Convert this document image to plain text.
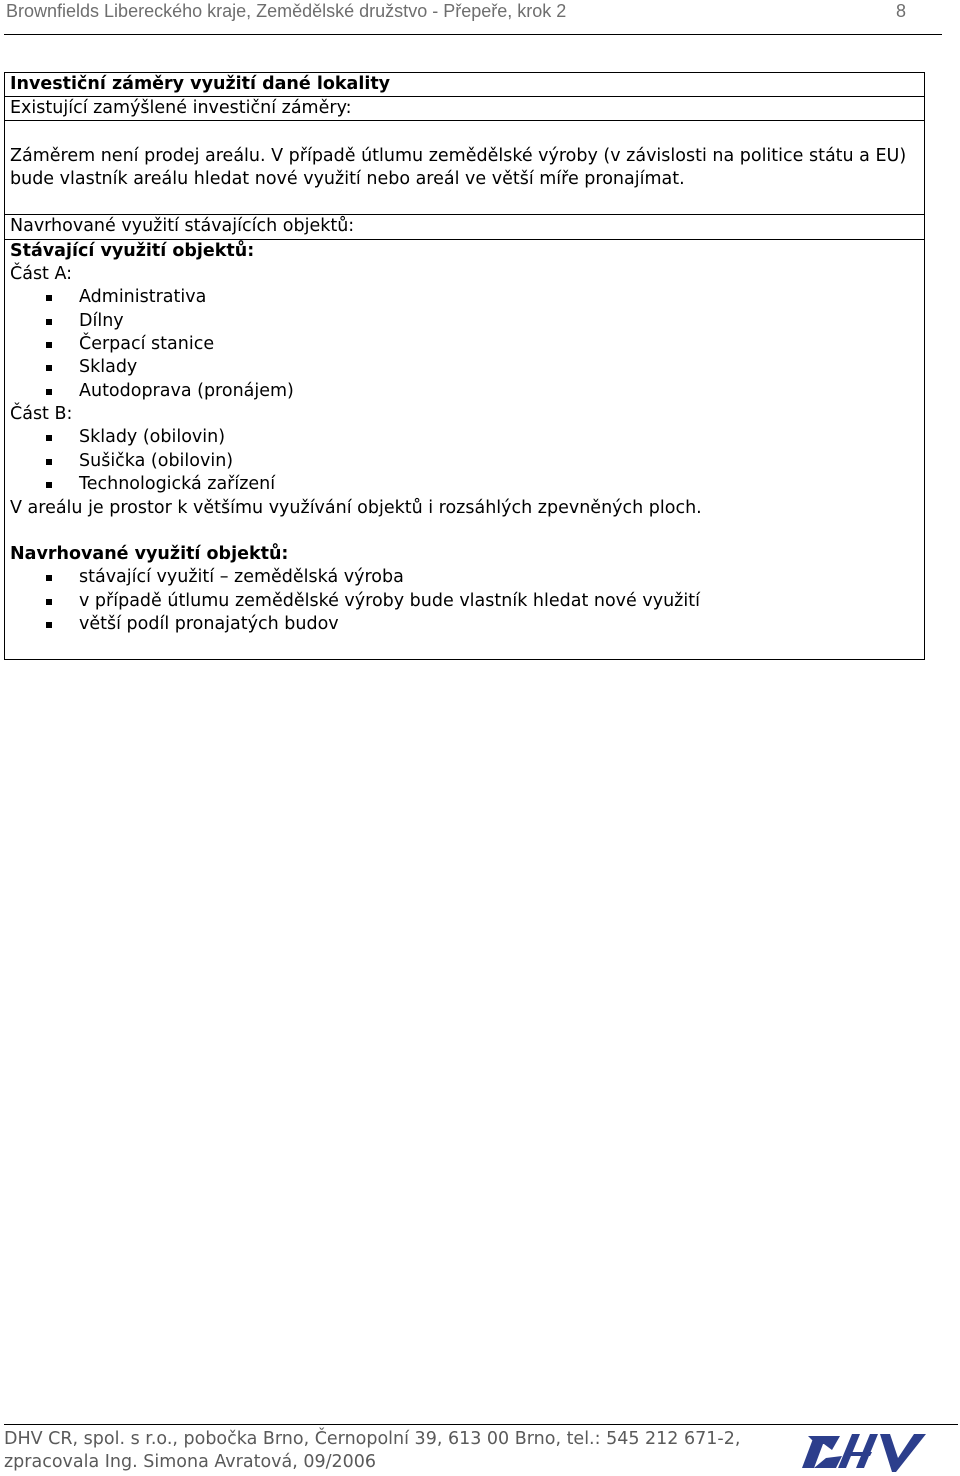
Brownfields Libereckého kraje, Zemědělské družstvo - Přepeře, krok 2	8
Investiční záměry využití dané lokality
Existující zamýšlené investiční záměry:
Záměrem není prodej areálu. V případě útlumu zemědělské výroby (v závislosti na politice státu a EU)
bude vlastník areálu hledat nové využití nebo areál ve větší míře pronajímat.
Navrhované využití stávajících objektů:
Stávající využití objektů:
Část A:
Administrativa
Dílny
Čerpací stanice
Sklady
Autodoprava (pronájem)
Část B:
Sklady (obilovin)
Sušička (obilovin)
Technologická zařízení
V areálu je prostor k většímu využívání objektů i rozsáhlých zpevněných ploch.
Navrhované využití objektů:
stávající využití – zemědělská výroba
v případě útlumu zemědělské výroby bude vlastník hledat nové využití
větší podíl pronajatých budov
DHV CR, spol. s r.o., pobočka Brno, Černopolní 39, 613 00 Brno, tel.: 545 212 671-2,
zpracovala Ing. Simona Avratová, 09/2006
